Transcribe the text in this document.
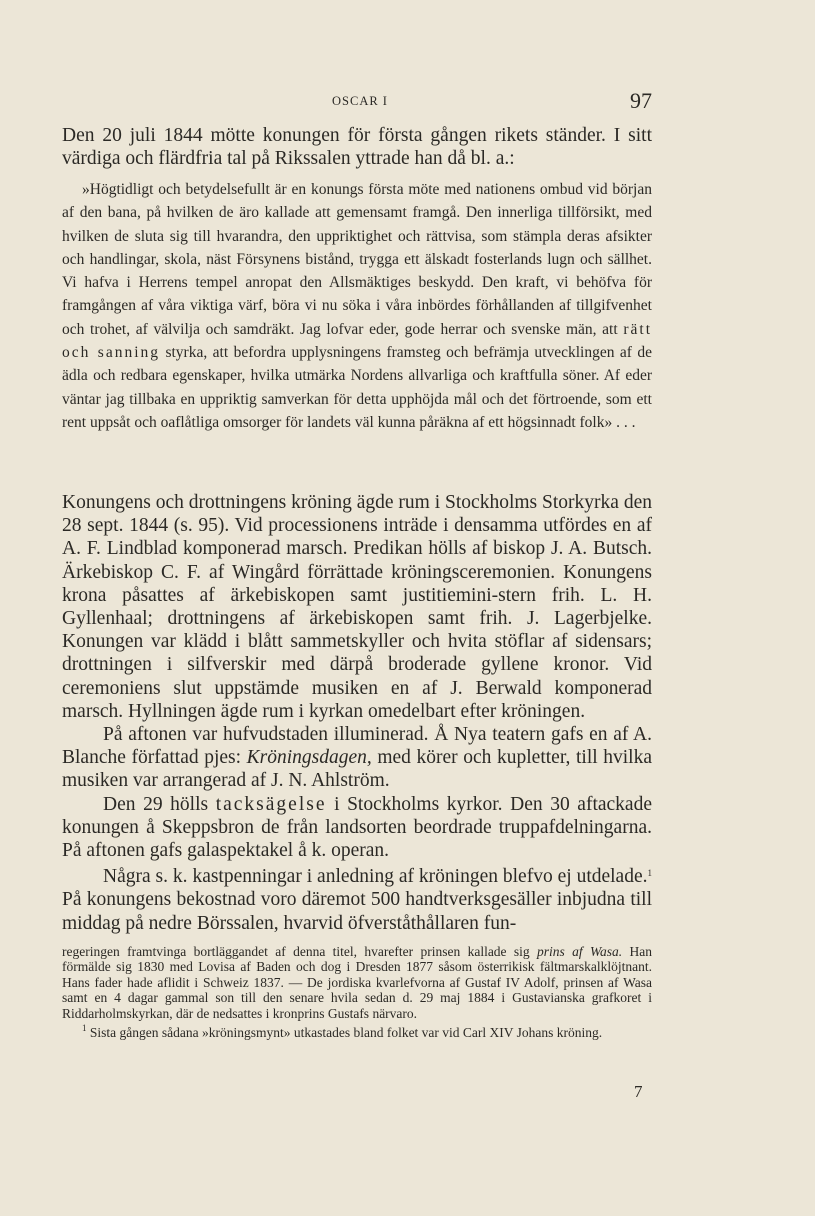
OSCAR I	97

Den 20 juli 1844 mötte konungen för första gången rikets ständer. I sitt värdiga och flärdfria tal på Rikssalen yttrade han då bl. a.:

»Högtidligt och betydelsefullt är en konungs första möte med nationens ombud vid början af den bana, på hvilken de äro kallade att gemensamt framgå. Den innerliga tillförsikt, med hvilken de sluta sig till hvarandra, den uppriktighet och rättvisa, som stämpla deras afsikter och handlingar, skola, näst Försynens bistånd, trygga ett älskadt fosterlands lugn och sällhet. Vi hafva i Herrens tempel anropat den Allsmäktiges beskydd. Den kraft, vi behöfva för framgången af våra viktiga värf, böra vi nu söka i våra inbördes förhållanden af tillgifvenhet och trohet, af välvilja och samdräkt. Jag lofvar eder, gode herrar och svenske män, att rätt och sanning styrka, att befordra upplysningens framsteg och befrämja utvecklingen af de ädla och redbara egenskaper, hvilka utmärka Nordens allvarliga och kraftfulla söner. Af eder väntar jag tillbaka en uppriktig samverkan för detta upphöjda mål och det förtroende, som ett rent uppsåt och oaflåtliga omsorger för landets väl kunna påräkna af ett högsinnadt folk» . . .

Konungens och drottningens kröning ägde rum i Stockholms Storkyrka den 28 sept. 1844 (s. 95). Vid processionens inträde i densamma utfördes en af A. F. Lindblad komponerad marsch. Predikan hölls af biskop J. A. Butsch. Ärkebiskop C. F. af Wingård förrättade kröningsceremonien. Konungens krona påsattes af ärkebiskopen samt justitiemini-stern frih. L. H. Gyllenhaal; drottningens af ärkebiskopen samt frih. J. Lagerbjelke. Konungen var klädd i blått sammetskyller och hvita stöflar af sidensars; drottningen i silfverskir med därpå broderade gyllene kronor. Vid ceremoniens slut uppstämde musiken en af J. Berwald komponerad marsch. Hyllningen ägde rum i kyrkan omedelbart efter kröningen.

På aftonen var hufvudstaden illuminerad. Å Nya teatern gafs en af A. Blanche författad pjes: Kröningsdagen, med körer och kupletter, till hvilka musiken var arrangerad af J. N. Ahlström.

Den 29 hölls tacksägelse i Stockholms kyrkor. Den 30 aftackade konungen å Skeppsbron de från landsorten beordrade truppafdelningarna. På aftonen gafs galaspektakel å k. operan.

Några s. k. kastpenningar i anledning af kröningen blefvo ej utdelade.$^1$ På konungens bekostnad voro däremot 500 handtverksgesäller inbjudna till middag på nedre Börssalen, hvarvid öfverståthållaren fun-

regeringen framtvinga bortläggandet af denna titel, hvarefter prinsen kallade sig prins af Wasa. Han förmälde sig 1830 med Lovisa af Baden och dog i Dresden 1877 såsom österrikisk fältmarskalklöjtnant. Hans fader hade aflidit i Schweiz 1837. — De jordiska kvarlefvorna af Gustaf IV Adolf, prinsen af Wasa samt en 4 dagar gammal son till den senare hvila sedan d. 29 maj 1884 i Gustavianska grafkoret i Riddarholmskyrkan, där de nedsattes i kronprins Gustafs närvaro.

$^1$ Sista gången sådana »kröningsmynt» utkastades bland folket var vid Carl XIV Johans kröning.

7
